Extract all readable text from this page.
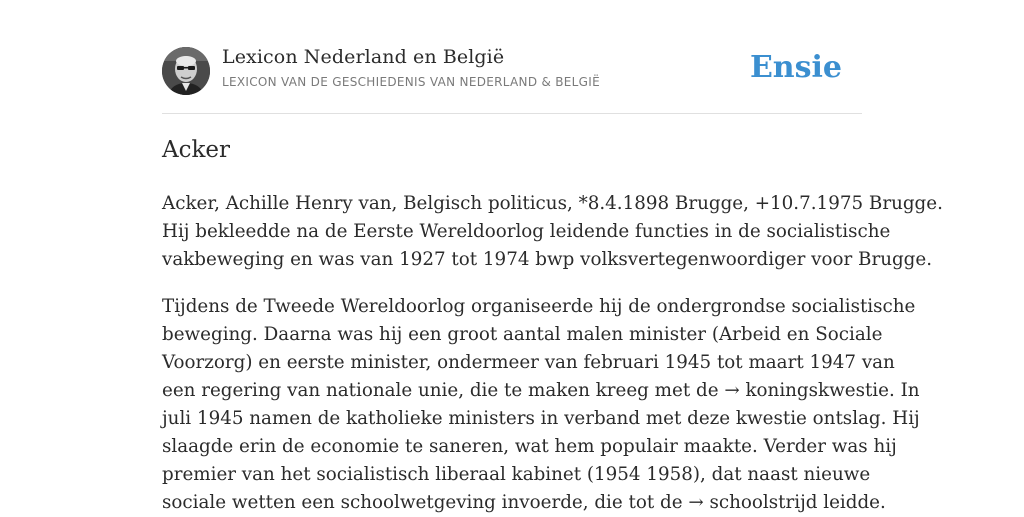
Lexicon Nederland en België
LEXICON VAN DE GESCHIEDENIS VAN NEDERLAND & BELGIË	Ensie
Acker

Acker, Achille Henry van, Belgisch politicus, *8.4.1898 Brugge, +10.7.1975 Brugge.
Hij bekleedde na de Eerste Wereldoorlog leidende functies in de socialistische
vakbeweging en was van 1927 tot 1974 bwp volksvertegenwoordiger voor Brugge.

Tijdens de Tweede Wereldoorlog organiseerde hij de ondergrondse socialistische
beweging. Daarna was hij een groot aantal malen minister (Arbeid en Sociale
Voorzorg) en eerste minister, ondermeer van februari 1945 tot maart 1947 van
een regering van nationale unie, die te maken kreeg met de → koningskwestie. In
juli 1945 namen de katholieke ministers in verband met deze kwestie ontslag. Hij
slaagde erin de economie te saneren, wat hem populair maakte. Verder was hij
premier van het socialistisch liberaal kabinet (1954 1958), dat naast nieuwe
sociale wetten een schoolwetgeving invoerde, die tot de → schoolstrijd leidde.
